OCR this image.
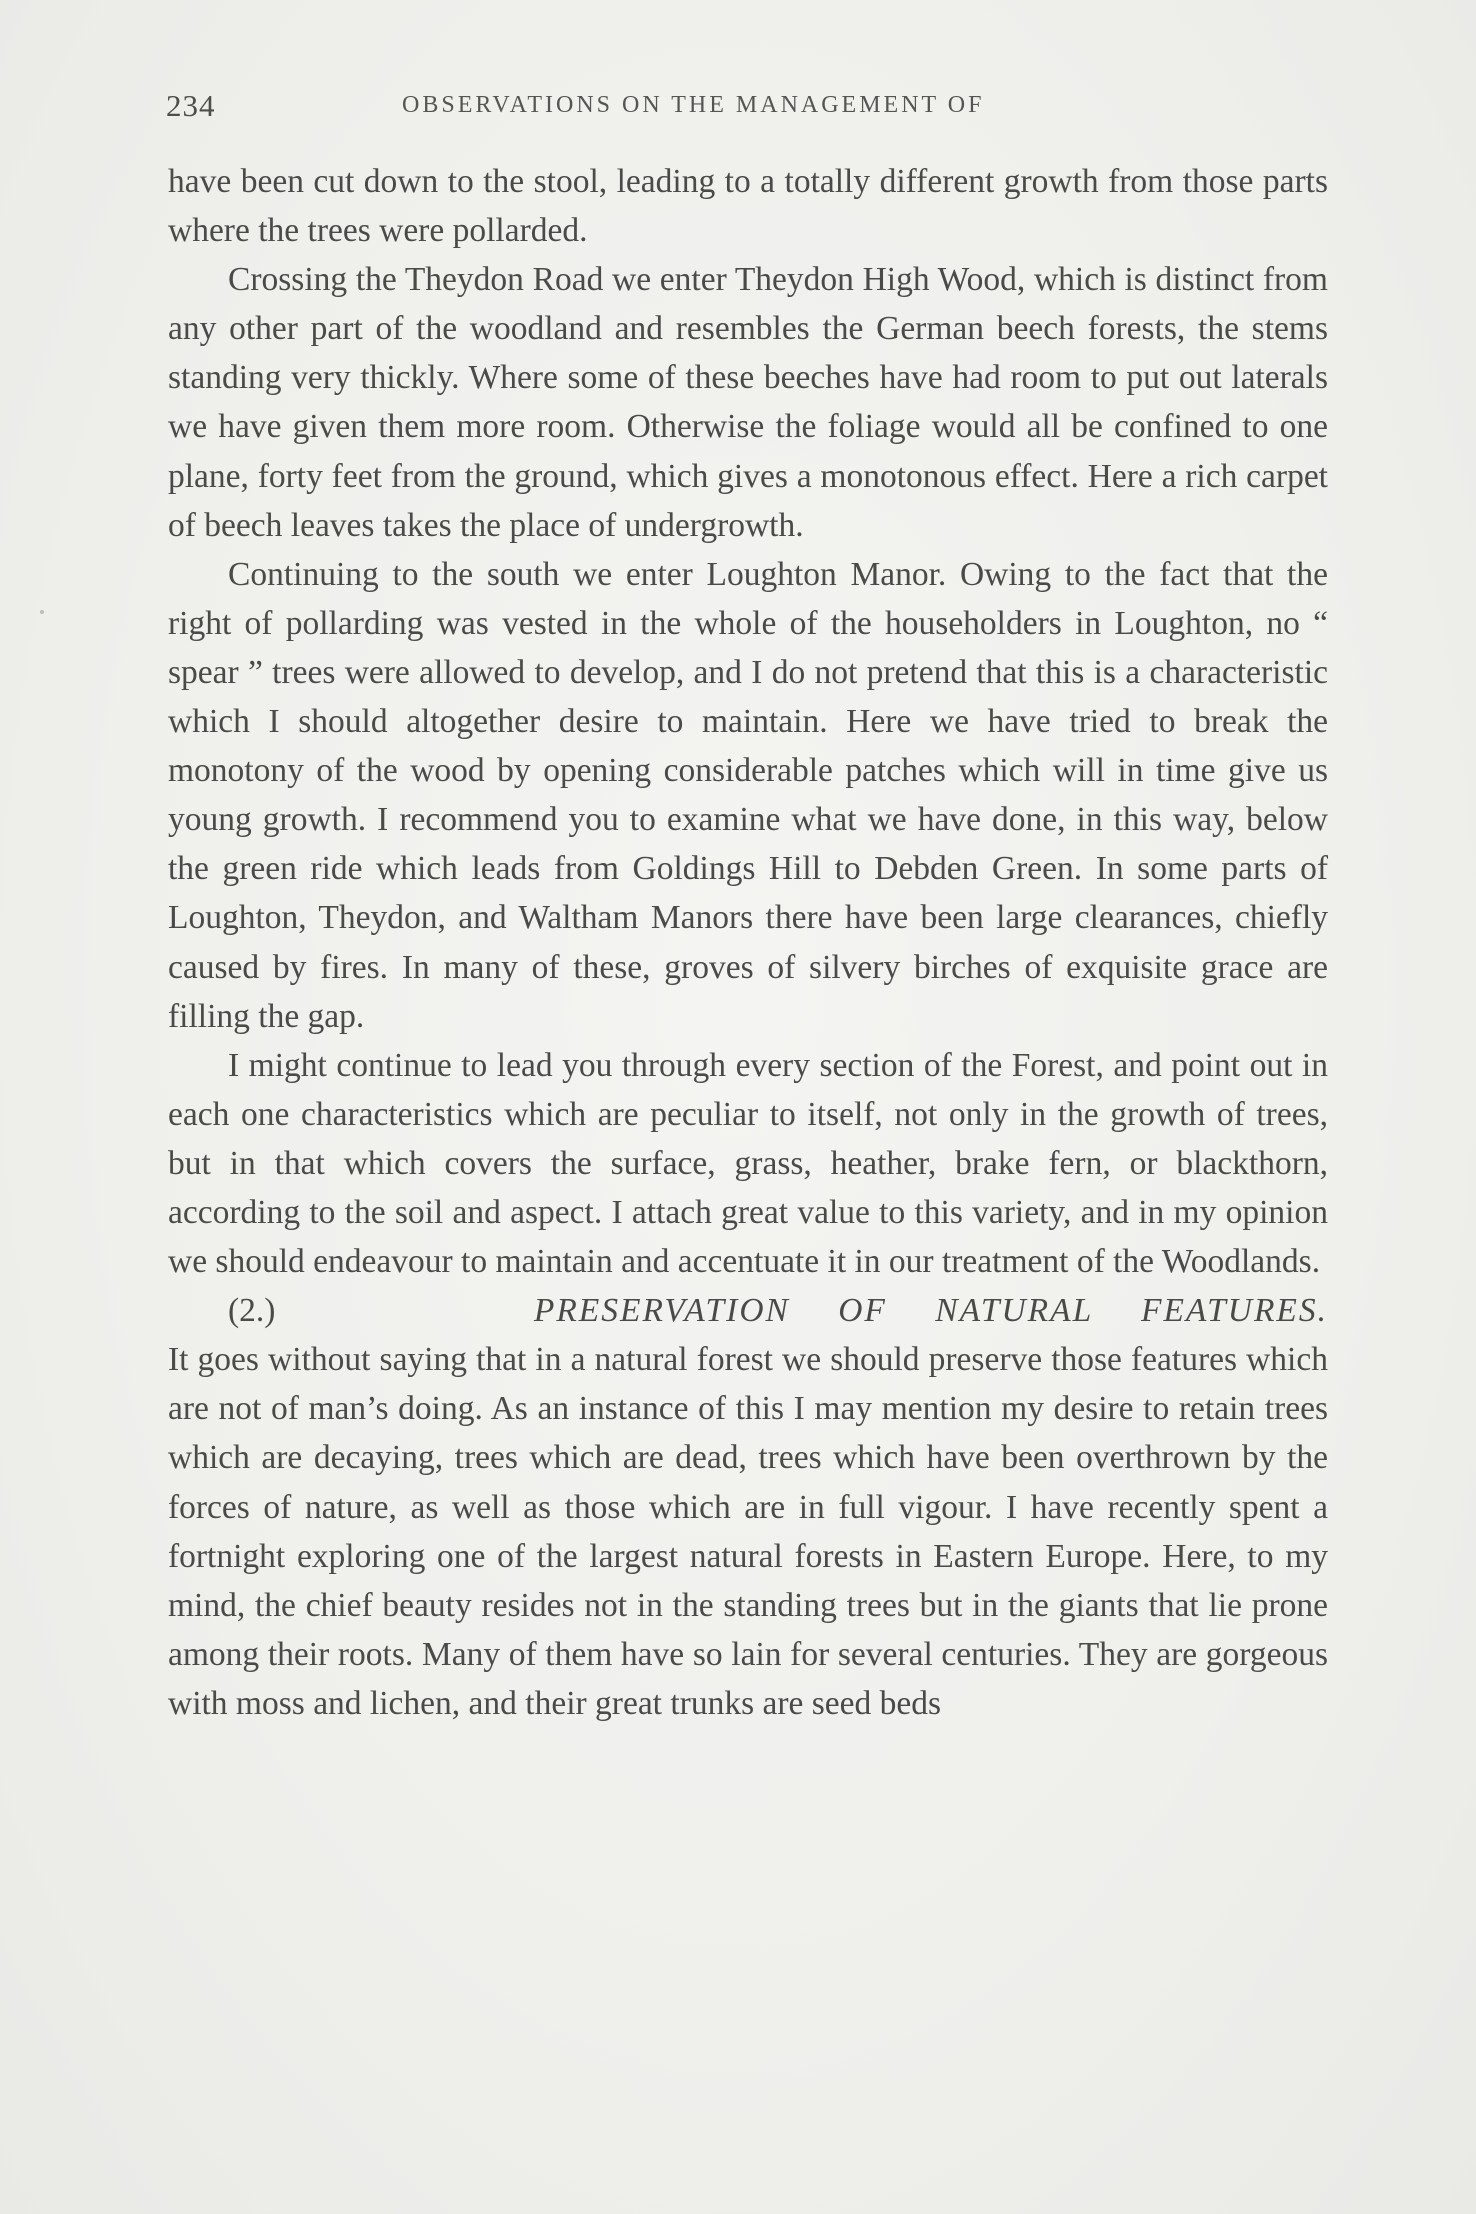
234	OBSERVATIONS ON THE MANAGEMENT OF

have been cut down to the stool, leading to a totally different growth from those parts where the trees were pollarded.

Crossing the Theydon Road we enter Theydon High Wood, which is distinct from any other part of the woodland and resembles the German beech forests, the stems standing very thickly. Where some of these beeches have had room to put out laterals we have given them more room. Otherwise the foliage would all be confined to one plane, forty feet from the ground, which gives a monotonous effect. Here a rich carpet of beech leaves takes the place of undergrowth.

Continuing to the south we enter Loughton Manor. Owing to the fact that the right of pollarding was vested in the whole of the householders in Loughton, no “ spear ” trees were allowed to develop, and I do not pretend that this is a characteristic which I should altogether desire to maintain. Here we have tried to break the monotony of the wood by opening considerable patches which will in time give us young growth. I recommend you to examine what we have done, in this way, below the green ride which leads from Goldings Hill to Debden Green. In some parts of Loughton, Theydon, and Waltham Manors there have been large clearances, chiefly caused by fires. In many of these, groves of silvery birches of exquisite grace are filling the gap.

I might continue to lead you through every section of the Forest, and point out in each one characteristics which are peculiar to itself, not only in the growth of trees, but in that which covers the surface, grass, heather, brake fern, or blackthorn, according to the soil and aspect. I attach great value to this variety, and in my opinion we should endeavour to maintain and accentuate it in our treatment of the Woodlands.

(2.)	PRESERVATION OF NATURAL FEATURES.

It goes without saying that in a natural forest we should preserve those features which are not of man’s doing. As an instance of this I may mention my desire to retain trees which are decaying, trees which are dead, trees which have been overthrown by the forces of nature, as well as those which are in full vigour. I have recently spent a fortnight exploring one of the largest natural forests in Eastern Europe. Here, to my mind, the chief beauty resides not in the standing trees but in the giants that lie prone among their roots. Many of them have so lain for several centuries. They are gorgeous with moss and lichen, and their great trunks are seed beds
